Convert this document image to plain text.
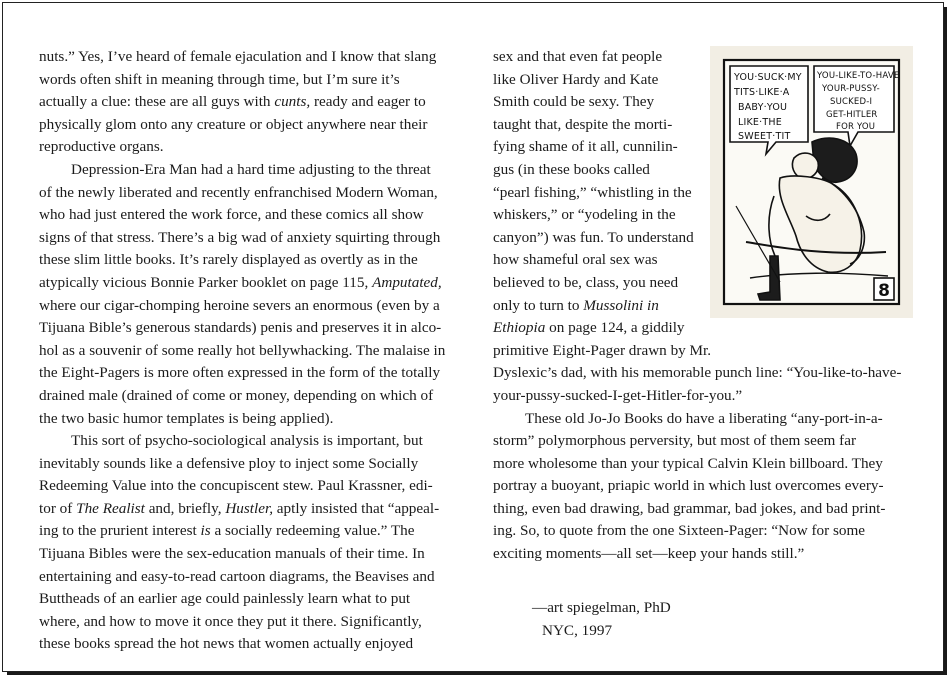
nuts.” Yes, I’ve heard of female ejaculation and I know that slang
words often shift in meaning through time, but I’m sure it’s
actually a clue: these are all guys with cunts, ready and eager to
physically glom onto any creature or object anywhere near their
reproductive organs.

Depression-Era Man had a hard time adjusting to the threat
of the newly liberated and recently enfranchised Modern Woman,
who had just entered the work force, and these comics all show
signs of that stress. There’s a big wad of anxiety squirting through
these slim little books. It’s rarely displayed as overtly as in the
atypically vicious Bonnie Parker booklet on page 115, Amputated,
where our cigar-chomping heroine severs an enormous (even by a
Tijuana Bible’s generous standards) penis and preserves it in alco-
hol as a souvenir of some really hot bellywhacking. The malaise in
the Eight-Pagers is more often expressed in the form of the totally
drained male (drained of come or money, depending on which of
the two basic humor templates is being applied).

This sort of psycho-sociological analysis is important, but
inevitably sounds like a defensive ploy to inject some Socially
Redeeming Value into the concupiscent stew. Paul Krassner, edi-
tor of The Realist and, briefly, Hustler, aptly insisted that “appeal-
ing to the prurient interest is a socially redeeming value.” The
Tijuana Bibles were the sex-education manuals of their time. In
entertaining and easy-to-read cartoon diagrams, the Beavises and
Buttheads of an earlier age could painlessly learn what to put
where, and how to move it once they put it there. Significantly,
these books spread the hot news that women actually enjoyed

YOU·SUCK·MY TITS·LIKE·A BABY·YOU LIKE·THE SWEET·TIT
YOU-LIKE-TO-HAVE YOUR-PUSSY-SUCKED-I GET-HITLER FOR YOU
8

sex and that even fat people
like Oliver Hardy and Kate
Smith could be sexy. They
taught that, despite the morti-
fying shame of it all, cunnilin-
gus (in these books called
“pearl fishing,” “whistling in the
whiskers,” or “yodeling in the
canyon”) was fun. To understand
how shameful oral sex was
believed to be, class, you need
only to turn to Mussolini in
Ethiopia on page 124, a giddily
primitive Eight-Pager drawn by Mr.
Dyslexic’s dad, with his memorable punch line: “You-like-to-have-
your-pussy-sucked-I-get-Hitler-for-you.”

These old Jo-Jo Books do have a liberating “any-port-in-a-
storm” polymorphous perversity, but most of them seem far
more wholesome than your typical Calvin Klein billboard. They
portray a buoyant, priapic world in which lust overcomes every-
thing, even bad drawing, bad grammar, bad jokes, and bad print-
ing. So, to quote from the one Sixteen-Pager: “Now for some
exciting moments—all set—keep your hands still.”

—art spiegelman, PhD
NYC, 1997
